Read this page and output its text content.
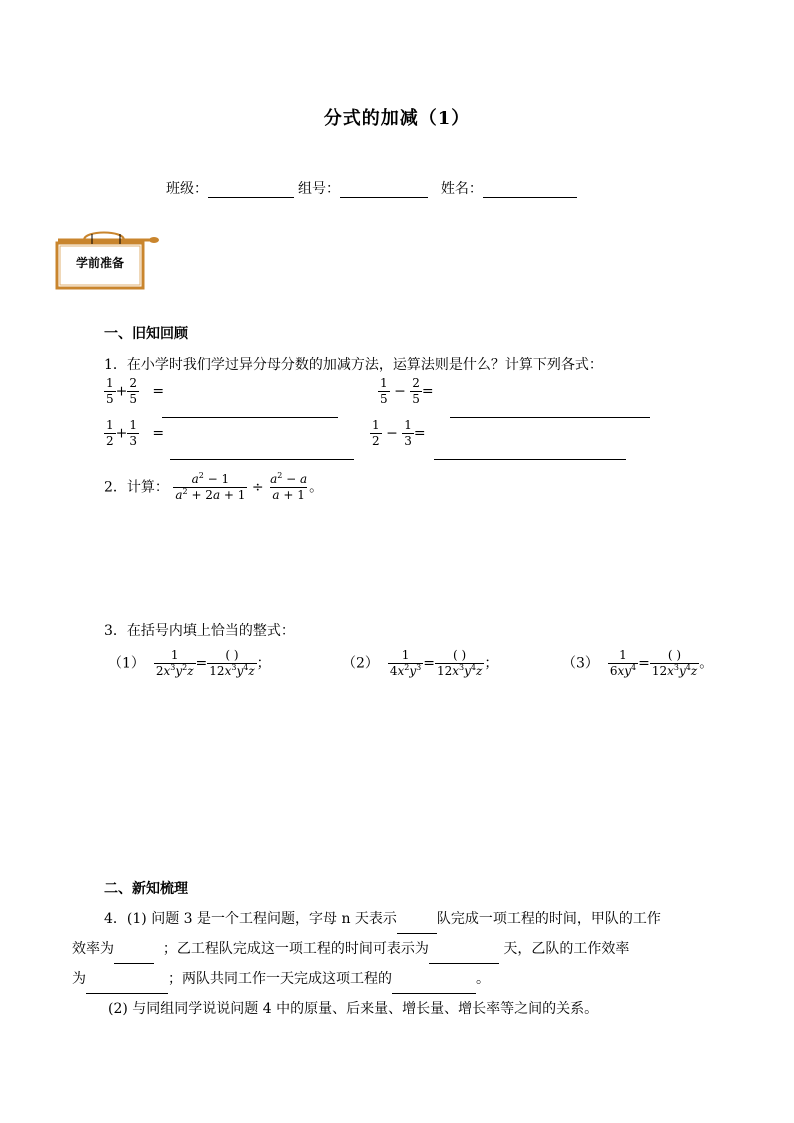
分式的加减（1）
班级：	组号：	姓名：
学前准备
一、旧知回顾
1．在小学时我们学过异分母分数的加减方法，运算法则是什么？计算下列各式：
$\frac{1}{5} + \frac{2}{5}$ =	$\frac{1}{5} - \frac{2}{5}$ =
$\frac{1}{2} + \frac{1}{3}$ =	$\frac{1}{2} - \frac{1}{3}$ =
2．计算： $\frac{a^2 - 1}{a^2 + 2a + 1} \div \frac{a^2 - a}{a + 1}$ 。
3．在括号内填上恰当的整式：
$(1) \frac{1}{2x^3y^2z} = \frac{( )}{12x^3y^4z}$ ；	$(2) \frac{1}{4x^2y^3} = \frac{( )}{12x^3y^4z}$ ；	$(3) \frac{1}{6xy^4} = \frac{( )}{12x^3y^4z}$ 。
二、新知梳理
4．(1) 问题 3 是一个工程问题，字母 n 天表示	队完成一项工程的时间，甲队的工作
效率为	；乙工程队完成这一项工程的时间可表示为	天，乙队的工作效率
为	；两队共同工作一天完成这项工程的	。
(2) 与同组同学说说问题 4 中的原量、后来量、增长量、增长率等之间的关系。
